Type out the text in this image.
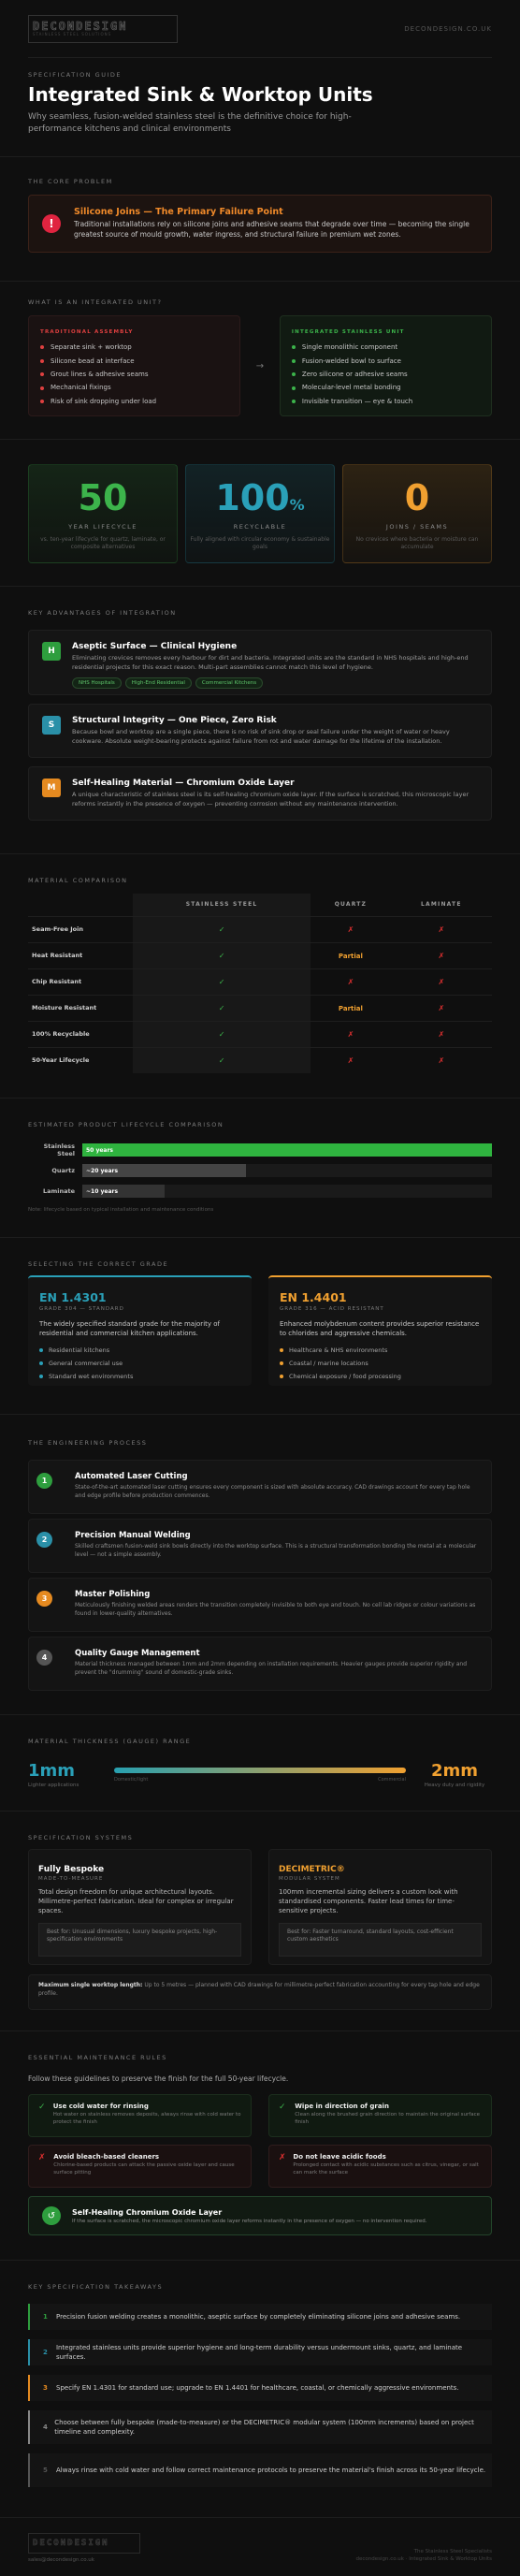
DECONDESIGN
STAINLESS STEEL SOLUTIONS
DECONDESIGN.CO.UK
SPECIFICATION GUIDE
Integrated Sink & Worktop Units
Why seamless, fusion-welded stainless steel is the definitive choice for high-performance kitchens and clinical environments
THE CORE PROBLEM
!
Silicone Joins — The Primary Failure Point

Traditional installations rely on silicone joins and adhesive seams that degrade over time — becoming the single greatest source of mould growth, water ingress, and structural failure in premium wet zones.

WHAT IS AN INTEGRATED UNIT?
TRADITIONAL ASSEMBLY
Separate sink + worktop
Silicone bead at interface
Grout lines & adhesive seams
Mechanical fixings
Risk of sink dropping under load
→
INTEGRATED STAINLESS UNIT
Single monolithic component
Fusion-welded bowl to surface
Zero silicone or adhesive seams
Molecular-level metal bonding
Invisible transition — eye & touch
50
YEAR LIFECYCLE
vs. ten-year lifecycle for quartz, laminate, or composite alternatives
100%
RECYCLABLE
Fully aligned with circular economy & sustainable goals
0
JOINS / SEAMS
No crevices where bacteria or moisture can accumulate
KEY ADVANTAGES OF INTEGRATION
H	Aseptic Surface — Clinical Hygiene

Eliminating crevices removes every harbour for dirt and bacteria. Integrated units are the standard in NHS hospitals and high-end residential projects for this exact reason. Multi-part assemblies cannot match this level of hygiene.

NHS Hospitals	High-End Residential	Commercial Kitchens
S	Structural Integrity — One Piece, Zero Risk

Because bowl and worktop are a single piece, there is no risk of sink drop or seal failure under the weight of water or heavy cookware. Absolute weight-bearing protects against failure from rot and water damage for the lifetime of the installation.

M	Self-Healing Material — Chromium Oxide Layer

A unique characteristic of stainless steel is its self-healing chromium oxide layer. If the surface is scratched, this microscopic layer reforms instantly in the presence of oxygen — preventing corrosion without any maintenance intervention.

MATERIAL COMPARISON
	STAINLESS STEEL	QUARTZ	LAMINATE
Seam-Free Join	✓	✗	✗
Heat Resistant	✓	Partial	✗
Chip Resistant	✓	✗	✗
Moisture Resistant	✓	Partial	✗
100% Recyclable	✓	✗	✗
50-Year Lifecycle	✓	✗	✗
ESTIMATED PRODUCT LIFECYCLE COMPARISON
Stainless Steel	50 years
Quartz	~20 years
Laminate	~10 years
Note: lifecycle based on typical installation and maintenance conditions
SELECTING THE CORRECT GRADE
EN 1.4301
GRADE 304 — STANDARD

The widely specified standard grade for the majority of residential and commercial kitchen applications.

Residential kitchens
General commercial use
Standard wet environments
EN 1.4401
GRADE 316 — ACID RESISTANT

Enhanced molybdenum content provides superior resistance to chlorides and aggressive chemicals.

Healthcare & NHS environments
Coastal / marine locations
Chemical exposure / food processing
THE ENGINEERING PROCESS
1	Automated Laser Cutting

State-of-the-art automated laser cutting ensures every component is sized with absolute accuracy. CAD drawings account for every tap hole and edge profile before production commences.

2	Precision Manual Welding

Skilled craftsmen fusion-weld sink bowls directly into the worktop surface. This is a structural transformation bonding the metal at a molecular level — not a simple assembly.

3	Master Polishing

Meticulously finishing welded areas renders the transition completely invisible to both eye and touch. No cell lab ridges or colour variations as found in lower-quality alternatives.

4	Quality Gauge Management

Material thickness managed between 1mm and 2mm depending on installation requirements. Heavier gauges provide superior rigidity and prevent the "drumming" sound of domestic-grade sinks.

MATERIAL THICKNESS (GAUGE) RANGE
1mm
Lighter applications
Domestic/light	Commercial	2mm
Heavy duty and rigidity
SPECIFICATION SYSTEMS
Fully Bespoke
MADE-TO-MEASURE

Total design freedom for unique architectural layouts. Millimetre-perfect fabrication. Ideal for complex or irregular spaces.

Best for: Unusual dimensions, luxury bespoke projects, high-specification environments
DECIMETRIC®
MODULAR SYSTEM

100mm incremental sizing delivers a custom look with standardised components. Faster lead times for time-sensitive projects.

Best for: Faster turnaround, standard layouts, cost-efficient custom aesthetics
Maximum single worktop length: Up to 5 metres — planned with CAD drawings for millimetre-perfect fabrication accounting for every tap hole and edge profile.
ESSENTIAL MAINTENANCE RULES
Follow these guidelines to preserve the finish for the full 50-year lifecycle.
✓	Use cold water for rinsing

Hot water on stainless removes deposits, always rinse with cold water to protect the finish

✓	Wipe in direction of grain

Clean along the brushed grain direction to maintain the original surface finish

✗	Avoid bleach-based cleaners

Chlorine-based products can attack the passive oxide layer and cause surface pitting

✗ Do not leave acidic foods

Prolonged contact with acidic substances such as citrus, vinegar, or salt can mark the surface

↺	Self-Healing Chromium Oxide Layer

If the surface is scratched, the microscopic chromium oxide layer reforms instantly in the presence of oxygen — no intervention required.

KEY SPECIFICATION TAKEAWAYS
1	Precision fusion welding creates a monolithic, aseptic surface by completely eliminating silicone joins and adhesive seams.
2
Integrated stainless units provide superior hygiene and long-term durability versus undermount sinks, quartz, and laminate surfaces.
3	Specify EN 1.4301 for standard use; upgrade to EN 1.4401 for healthcare, coastal, or chemically aggressive environments.
4
Choose between fully bespoke (made-to-measure) or the DECIMETRIC® modular system (100mm increments) based on project timeline and complexity.
5	Always rinse with cold water and follow correct maintenance protocols to preserve the material's finish across its 50-year lifecycle.
DECONDESIGN
sales@decondesign.co.uk
The Stainless Steel Specialists
decondesign.co.uk · Integrated Sink & Worktop Units
